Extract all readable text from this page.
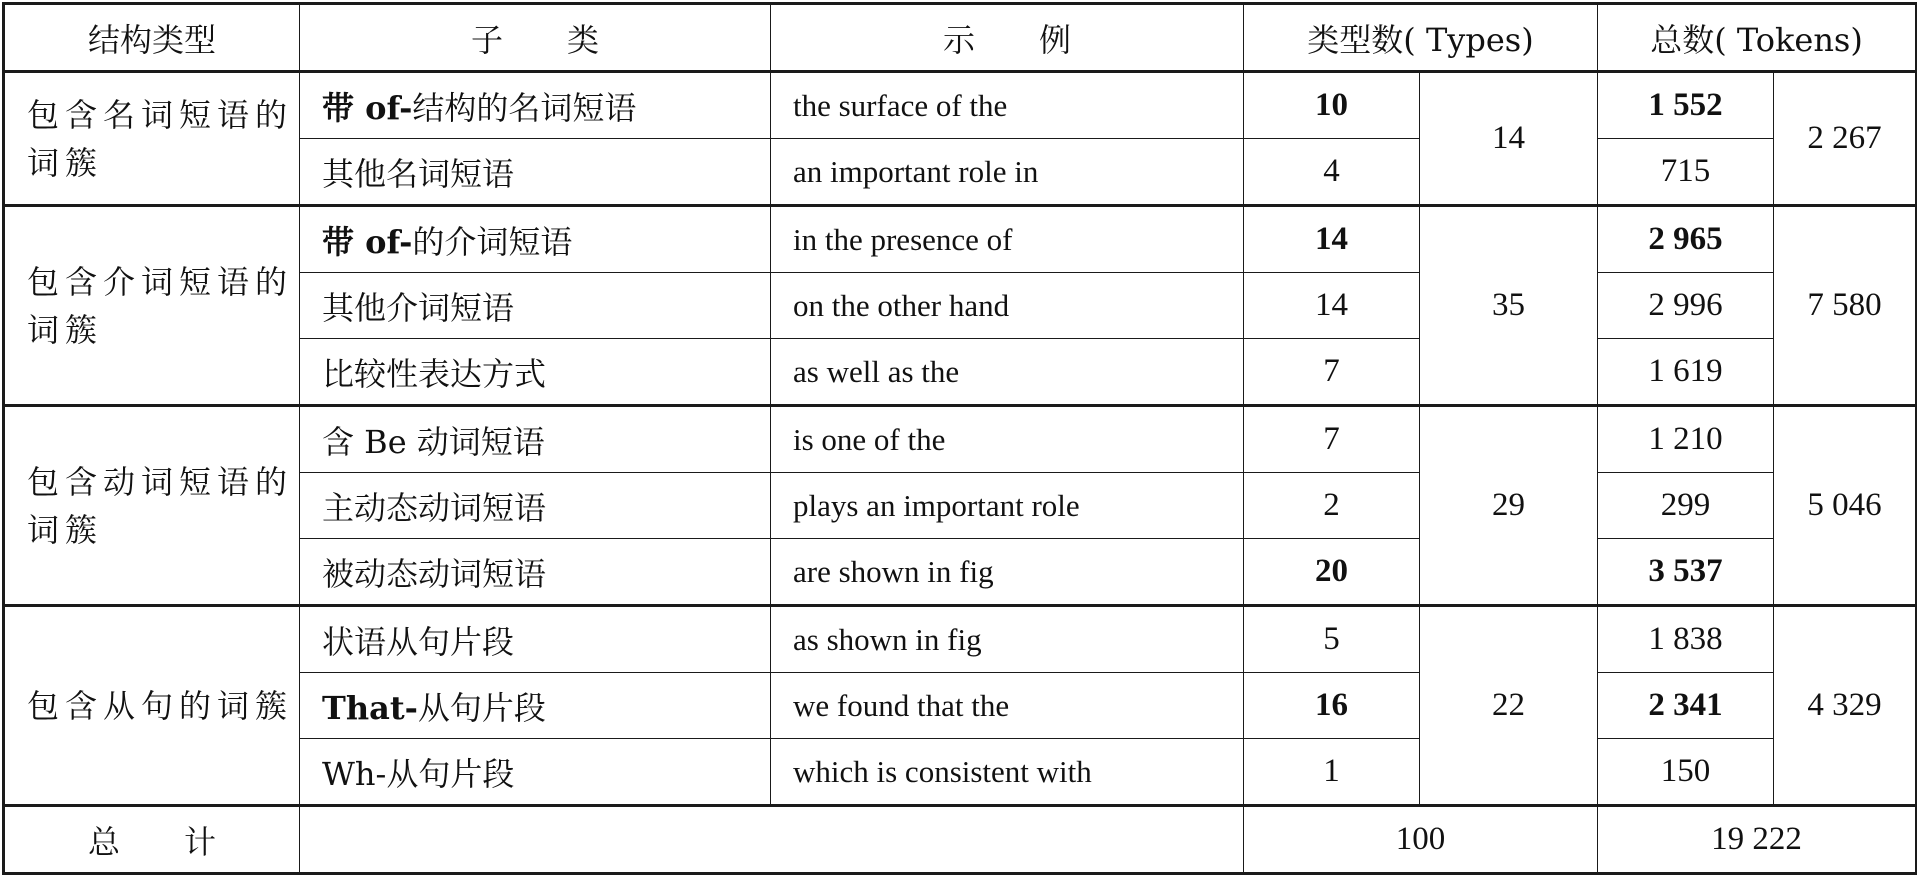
结构类型	子　　类	示　　例	类型数( Types)		总数( Tokens)	
包含名词短语的词簇	带 of-结构的名词短语	the surface of the	10	14	1 552	2 267
	其他名词短语	an important role in	4		715	
包含介词短语的词簇	带 of-的介词短语	in the presence of	14	35	2 965	7 580
	其他介词短语	on the other hand	14		2 996	
	比较性表达方式	as well as the	7		1 619	
包含动词短语的词簇	含 Be 动词短语	is one of the	7	29	1 210	5 046
	主动态动词短语	plays an important role	2		299	
	被动态动词短语	are shown in fig	20		3 537	
包含从句的词簇	状语从句片段	as shown in fig	5	22	1 838	4 329
	That-从句片段	we found that the	16		2 341	
	Wh-从句片段	which is consistent with	1		150	
总　　计			100		19 222	
